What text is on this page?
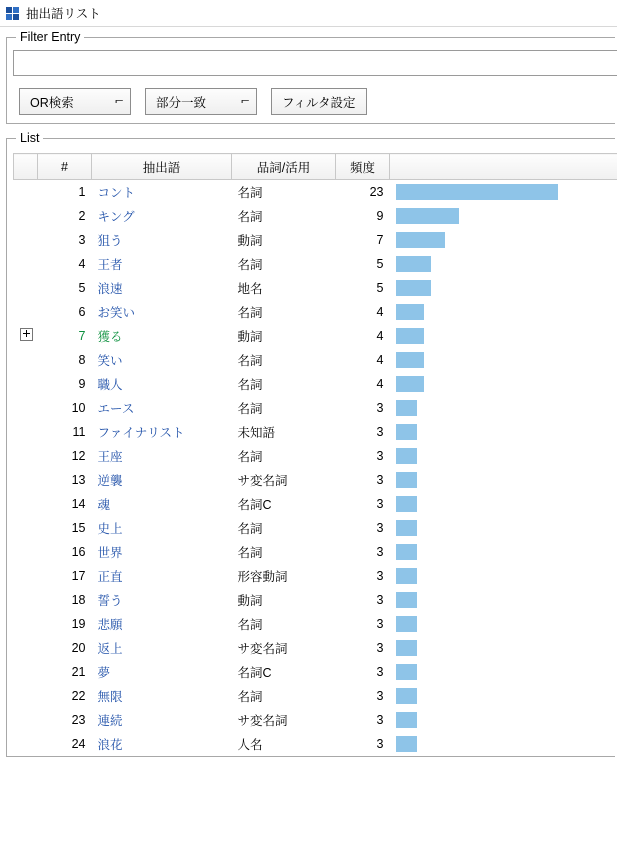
抽出語リスト
Filter Entry
OR検索	⌐	部分一致	⌐	フィルタ設定
List
	#	抽出語	品詞/活用	頻度	
	1	コント	名詞	23	

	2	キング	名詞	9	

	3	狙う	動詞	7	

	4	王者	名詞	5	

	5	浪速	地名	5	

	6	お笑い	名詞	4	

	7	獲る	動詞	4	

	8	笑い	名詞	4	

	9	職人	名詞	4	

	10	エース	名詞	3	

	11	ファイナリスト	未知語	3	

	12	王座	名詞	3	

	13	逆襲	サ変名詞	3	

	14	魂	名詞C	3	

	15	史上	名詞	3	

	16	世界	名詞	3	

	17	正直	形容動詞	3	

	18	誓う	動詞	3	

	19	悲願	名詞	3	

	20	返上	サ変名詞	3	

	21	夢	名詞C	3	

	22	無限	名詞	3	

	23	連続	サ変名詞	3	

	24	浪花	人名	3	
